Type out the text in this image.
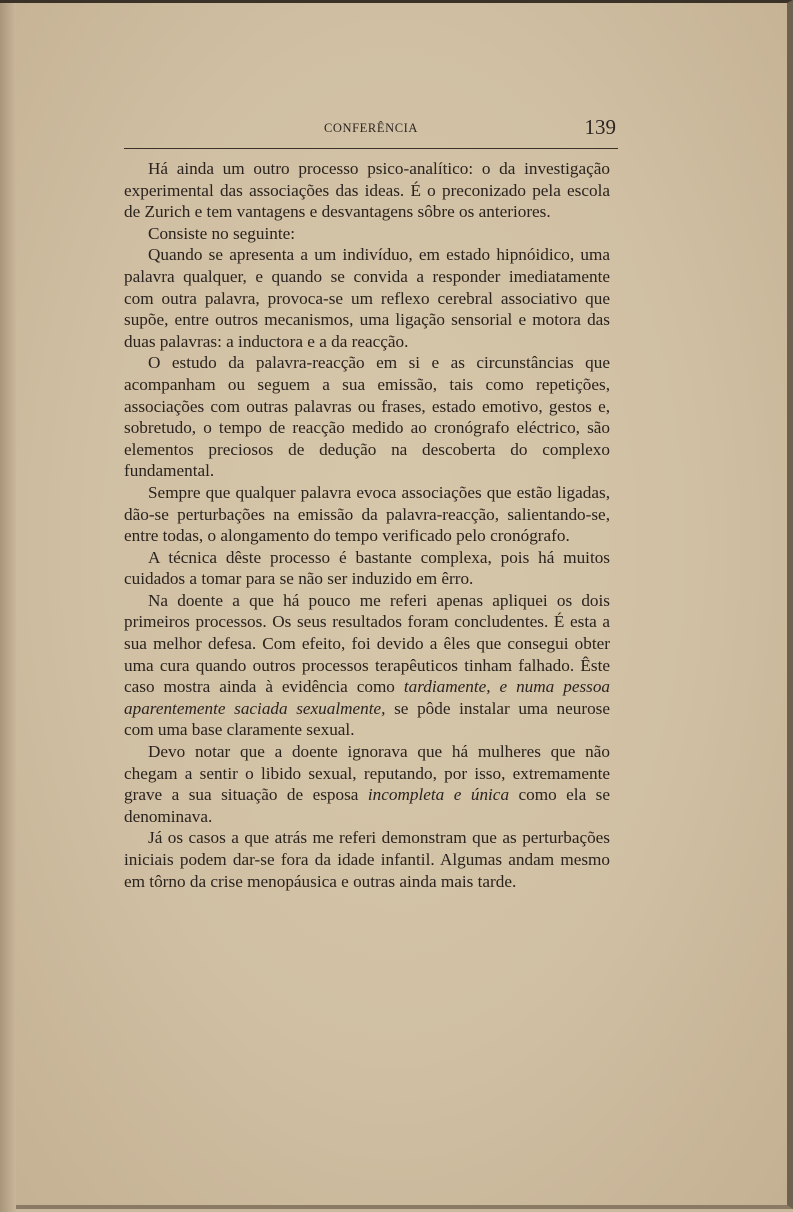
CONFERÊNCIA	139

Há ainda um outro processo psico-analítico: o da investigação experimental das associações das ideas. É o preconizado pela escola de Zurich e tem vantagens e desvantagens sôbre os anteriores.

Consiste no seguinte:

Quando se apresenta a um indivíduo, em estado hipnóidico, uma palavra qualquer, e quando se convida a responder imediatamente com outra palavra, provoca-se um reflexo cerebral associativo que supõe, entre outros mecanismos, uma ligação sensorial e motora das duas palavras: a inductora e a da reacção.

O estudo da palavra-reacção em si e as circunstâncias que acompanham ou seguem a sua emissão, tais como repetições, associações com outras palavras ou frases, estado emotivo, gestos e, sobretudo, o tempo de reacção medido ao cronógrafo eléctrico, são elementos preciosos de dedução na descoberta do complexo fundamental.

Sempre que qualquer palavra evoca associações que estão ligadas, dão-se perturbações na emissão da palavra-reacção, salientando-se, entre todas, o alongamento do tempo verificado pelo cronógrafo.

A técnica dêste processo é bastante complexa, pois há muitos cuidados a tomar para se não ser induzido em êrro.

Na doente a que há pouco me referi apenas apliquei os dois primeiros processos. Os seus resultados foram concludentes. É esta a sua melhor defesa. Com efeito, foi devido a êles que consegui obter uma cura quando outros processos terapêuticos tinham falhado. Êste caso mostra ainda à evidência como tardiamente, e numa pessoa aparentemente saciada sexualmente, se pôde instalar uma neurose com uma base claramente sexual.

Devo notar que a doente ignorava que há mulheres que não chegam a sentir o libido sexual, reputando, por isso, extremamente grave a sua situação de esposa incompleta e única como ela se denominava.

Já os casos a que atrás me referi demonstram que as perturbações iniciais podem dar-se fora da idade infantil. Algumas andam mesmo em tôrno da crise menopáusica e outras ainda mais tarde.
